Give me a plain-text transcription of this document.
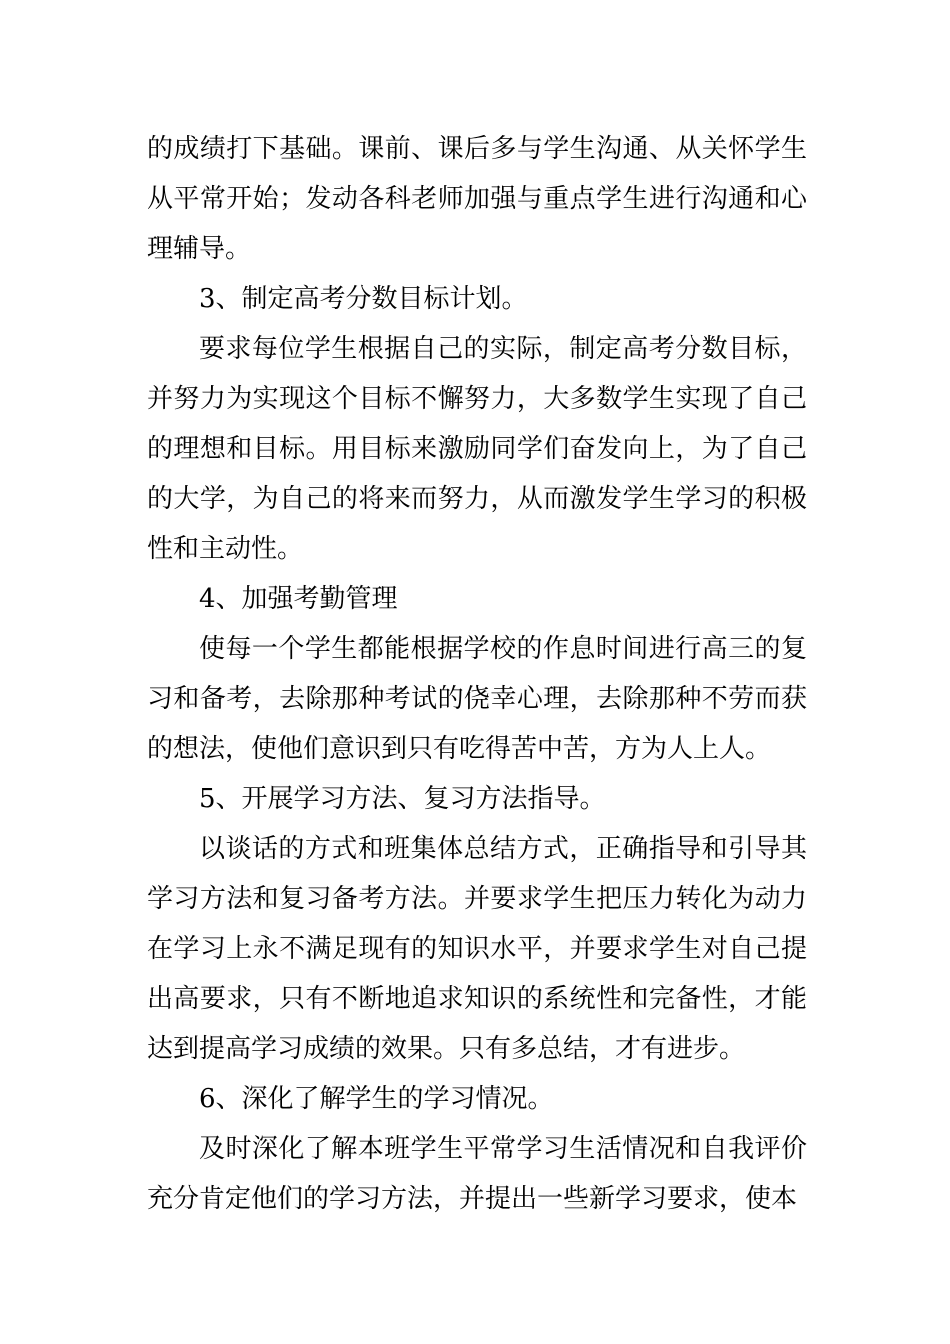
的成绩打下基础。课前、课后多与学生沟通、从关怀学生从平常开始；发动各科老师加强与重点学生进行沟通和心理辅导。

3、制定高考分数目标计划。

要求每位学生根据自己的实际，制定高考分数目标，并努力为实现这个目标不懈努力，大多数学生实现了自己的理想和目标。用目标来激励同学们奋发向上，为了自己的大学，为自己的将来而努力，从而激发学生学习的积极性和主动性。

4、加强考勤管理

使每一个学生都能根据学校的作息时间进行高三的复习和备考，去除那种考试的侥幸心理，去除那种不劳而获的想法，使他们意识到只有吃得苦中苦，方为人上人。

5、开展学习方法、复习方法指导。

以谈话的方式和班集体总结方式，正确指导和引导其学习方法和复习备考方法。并要求学生把压力转化为动力在学习上永不满足现有的知识水平，并要求学生对自己提出高要求，只有不断地追求知识的系统性和完备性，才能达到提高学习成绩的效果。只有多总结，才有进步。

6、深化了解学生的学习情况。

及时深化了解本班学生平常学习生活情况和自我评价充分肯定他们的学习方法，并提出一些新学习要求，使本
